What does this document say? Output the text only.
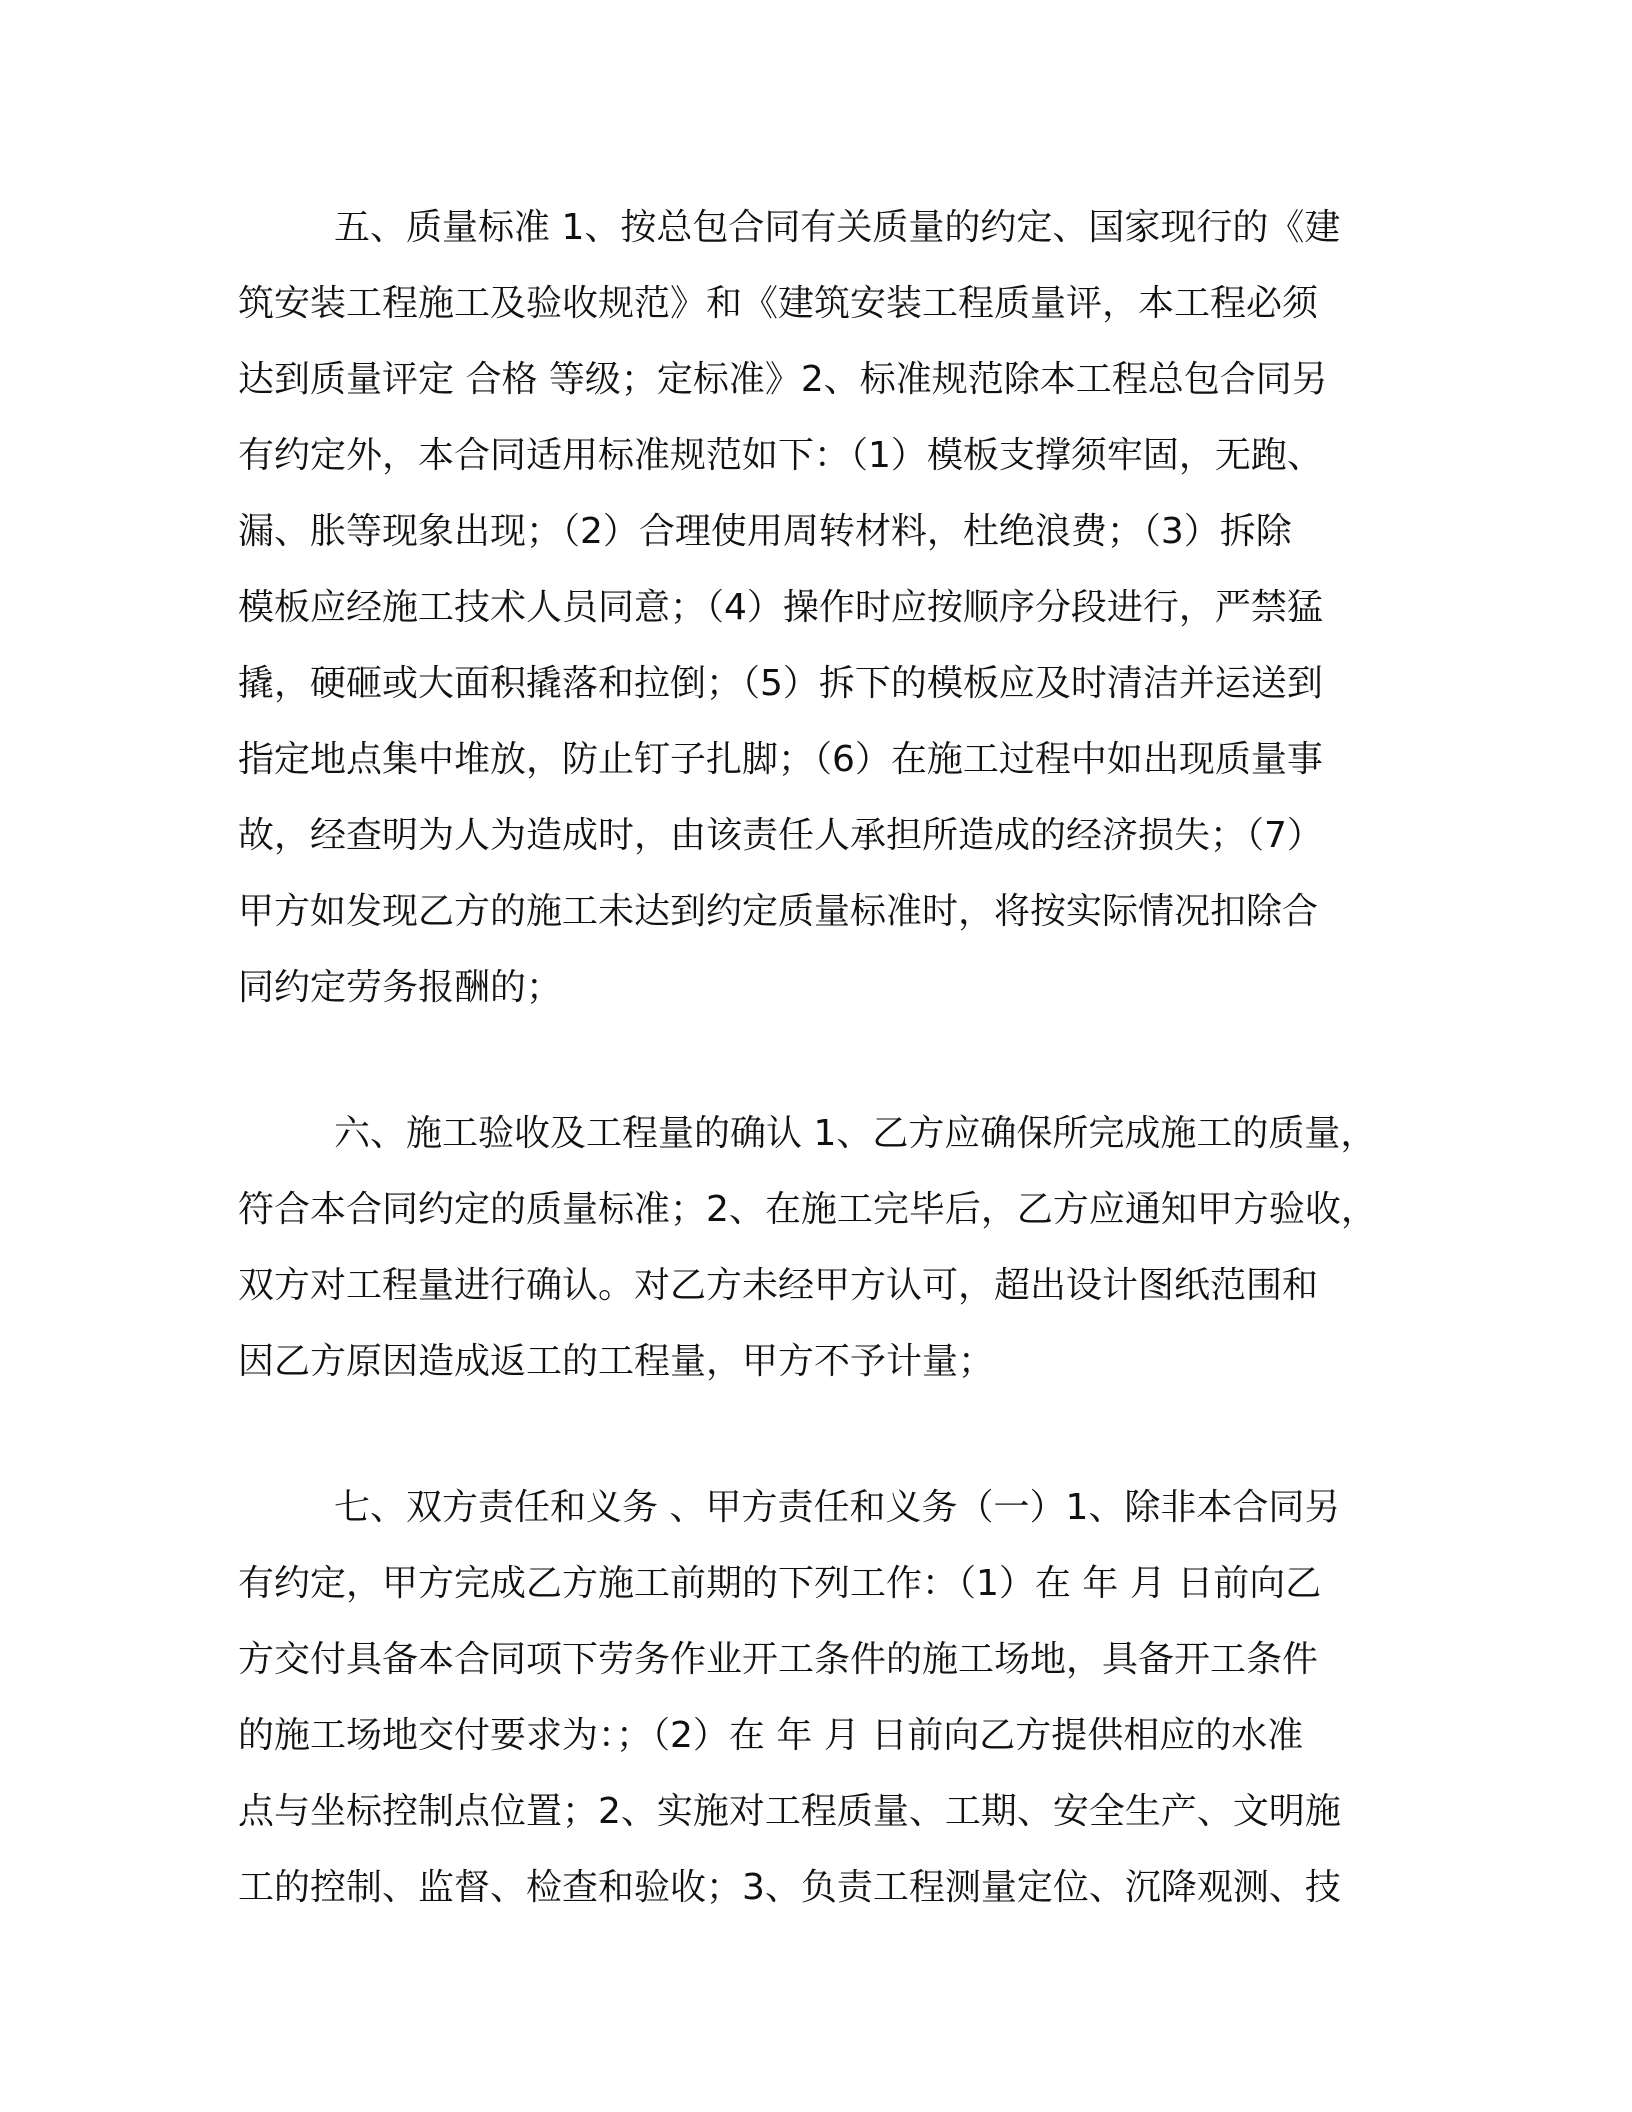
五、质量标准 1、按总包合同有关质量的约定、国家现行的《建
筑安装工程施工及验收规范》和《建筑安装工程质量评，本工程必须
达到质量评定 合格 等级；定标准》2、标准规范除本工程总包合同另
有约定外，本合同适用标准规范如下：（1）模板支撑须牢固，无跑、
漏、胀等现象出现；（2）合理使用周转材料，杜绝浪费；（3）拆除
模板应经施工技术人员同意；（4）操作时应按顺序分段进行，严禁猛
撬，硬砸或大面积撬落和拉倒；（5）拆下的模板应及时清洁并运送到
指定地点集中堆放，防止钉子扎脚；（6）在施工过程中如出现质量事
故，经查明为人为造成时，由该责任人承担所造成的经济损失；（7）
甲方如发现乙方的施工未达到约定质量标准时，将按实际情况扣除合
同约定劳务报酬的；
六、施工验收及工程量的确认 1、乙方应确保所完成施工的质量，
符合本合同约定的质量标准；2、在施工完毕后，乙方应通知甲方验收，
双方对工程量进行确认。对乙方未经甲方认可，超出设计图纸范围和
因乙方原因造成返工的工程量，甲方不予计量；
七、双方责任和义务 、甲方责任和义务（一）1、除非本合同另
有约定，甲方完成乙方施工前期的下列工作：（1）在 年 月 日前向乙
方交付具备本合同项下劳务作业开工条件的施工场地，具备开工条件
的施工场地交付要求为：；（2）在 年 月 日前向乙方提供相应的水准
点与坐标控制点位置；2、实施对工程质量、工期、安全生产、文明施
工的控制、监督、检查和验收；3、负责工程测量定位、沉降观测、技
